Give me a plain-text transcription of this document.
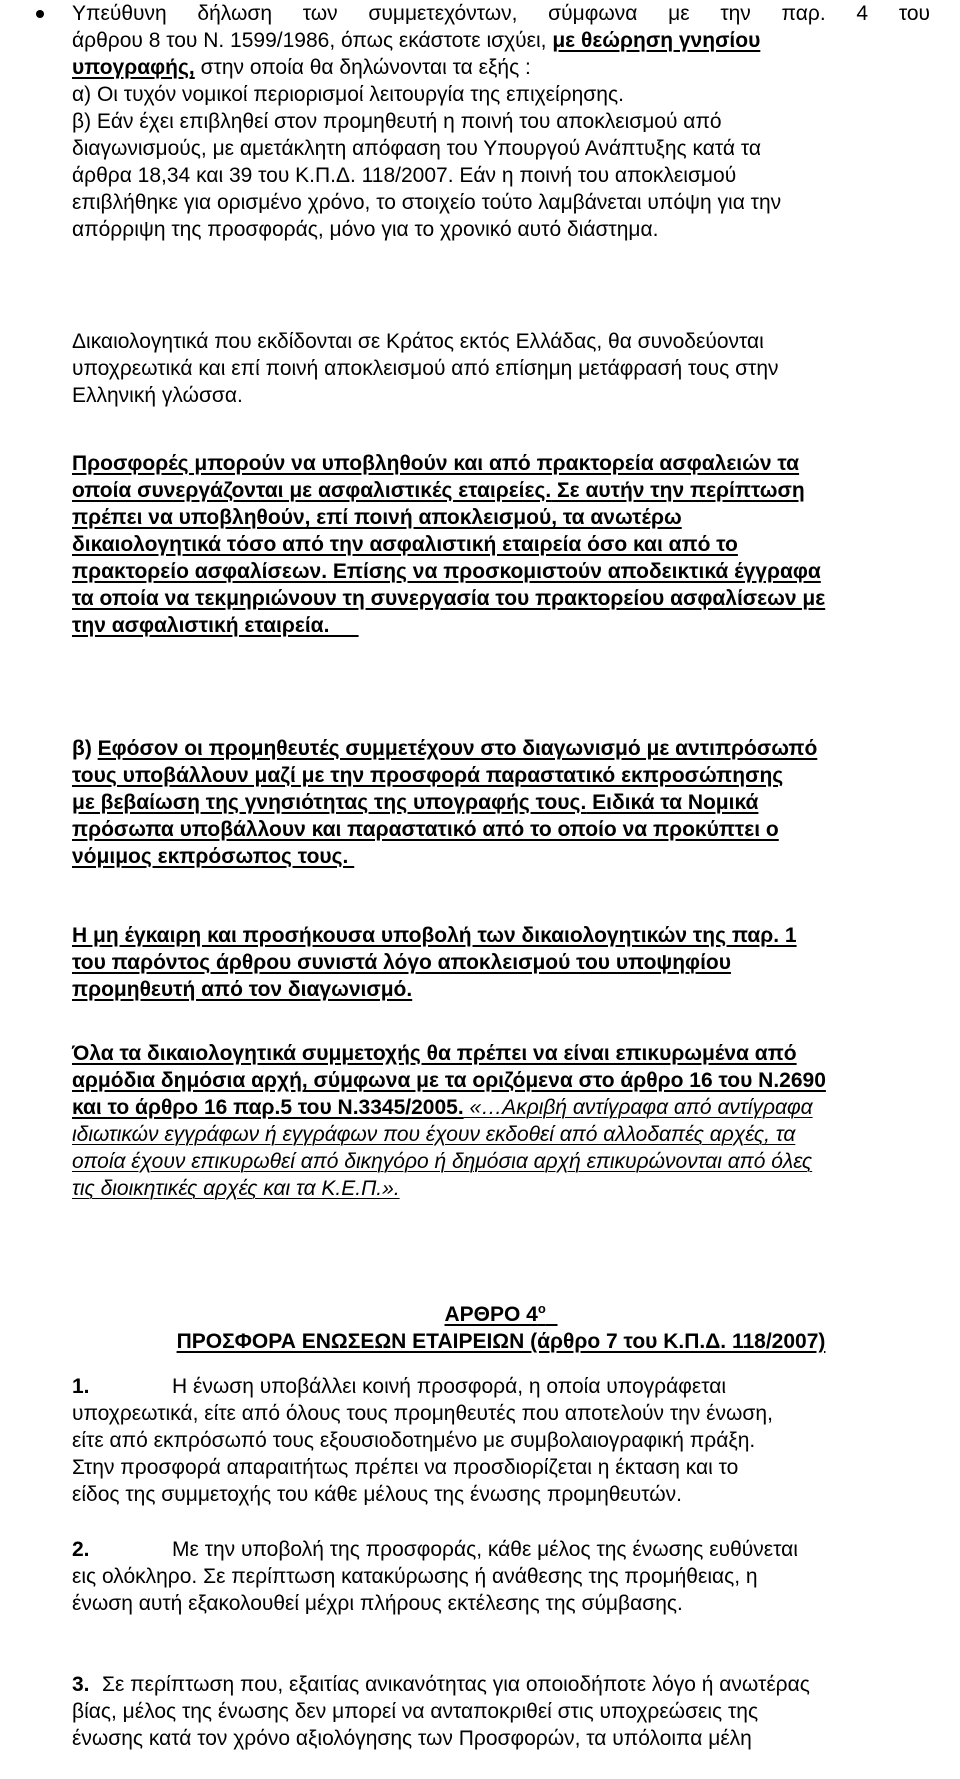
Υπεύθυνη δήλωση των συμμετεχόντων, σύμφωνα με την παρ. 4 του
άρθρου 8 του Ν. 1599/1986, όπως εκάστοτε ισχύει, με θεώρηση γνησίου
υπογραφής, στην οποία θα δηλώνονται τα εξής :
α) Οι τυχόν νομικοί περιορισμοί λειτουργία της επιχείρησης.
β) Εάν έχει επιβληθεί στον προμηθευτή η ποινή του αποκλεισμού από
διαγωνισμούς, με αμετάκλητη απόφαση του Υπουργού Ανάπτυξης κατά τα
άρθρα 18,34 και 39 του Κ.Π.Δ. 118/2007. Εάν η ποινή του αποκλεισμού
επιβλήθηκε για ορισμένο χρόνο, το στοιχείο τούτο λαμβάνεται υπόψη για την
απόρριψη της προσφοράς, μόνο για το χρονικό αυτό διάστημα.
Δικαιολογητικά που εκδίδονται σε Κράτος εκτός Ελλάδας, θα συνοδεύονται
υποχρεωτικά και επί ποινή αποκλεισμού από επίσημη μετάφρασή τους στην
Ελληνική γλώσσα.
Προσφορές μπορούν να υποβληθούν και από πρακτορεία ασφαλειών τα
οποία συνεργάζονται με ασφαλιστικές εταιρείες. Σε αυτήν την περίπτωση
πρέπει να υποβληθούν, επί ποινή αποκλεισμού, τα ανωτέρω
δικαιολογητικά τόσο από την ασφαλιστική εταιρεία όσο και από το
πρακτορείο ασφαλίσεων. Επίσης να προσκομιστούν αποδεικτικά έγγραφα
τα οποία να τεκμηριώνουν τη συνεργασία του πρακτορείου ασφαλίσεων με
την ασφαλιστική εταιρεία.
β) Εφόσον οι προμηθευτές συμμετέχουν στο διαγωνισμό με αντιπρόσωπό
τους υποβάλλουν μαζί με την προσφορά παραστατικό εκπροσώπησης
με βεβαίωση της γνησιότητας της υπογραφής τους. Ειδικά τα Νομικά
πρόσωπα υποβάλλουν και παραστατικό από το οποίο να προκύπτει ο
νόμιμος εκπρόσωπος τους.
Η μη έγκαιρη και προσήκουσα υποβολή των δικαιολογητικών της παρ. 1
του παρόντος άρθρου συνιστά λόγο αποκλεισμού του υποψηφίου
προμηθευτή από τον διαγωνισμό.
Όλα τα δικαιολογητικά συμμετοχής θα πρέπει να είναι επικυρωμένα από
αρμόδια δημόσια αρχή, σύμφωνα με τα οριζόμενα στο άρθρο 16 του Ν.2690
και το άρθρο 16 παρ.5 του Ν.3345/2005. «…Ακριβή αντίγραφα από αντίγραφα
ιδιωτικών εγγράφων ή εγγράφων που έχουν εκδοθεί από αλλοδαπές αρχές, τα
οποία έχουν επικυρωθεί από δικηγόρο ή δημόσια αρχή επικυρώνονται από όλες
τις διοικητικές αρχές και τα Κ.Ε.Π.».
ΑΡΘΡΟ $4^o$
ΠΡΟΣΦΟΡΑ ΕΝΩΣΕΩΝ ΕΤΑΙΡΕΙΩΝ (άρθρο 7 του Κ.Π.Δ. 118/2007)
1.	Η ένωση υποβάλλει κοινή προσφορά, η οποία υπογράφεται
υποχρεωτικά, είτε από όλους τους προμηθευτές που αποτελούν την ένωση,
είτε από εκπρόσωπό τους εξουσιοδοτημένο με συμβολαιογραφική πράξη.
Στην προσφορά απαραιτήτως πρέπει να προσδιορίζεται η έκταση και το
είδος της συμμετοχής του κάθε μέλους της ένωσης προμηθευτών.
2.	Με την υποβολή της προσφοράς, κάθε μέλος της ένωσης ευθύνεται
εις ολόκληρο. Σε περίπτωση κατακύρωσης ή ανάθεσης της προμήθειας, η
ένωση αυτή εξακολουθεί μέχρι πλήρους εκτέλεσης της σύμβασης.
3. Σε περίπτωση που, εξαιτίας ανικανότητας για οποιοδήποτε λόγο ή ανωτέρας
βίας, μέλος της ένωσης δεν μπορεί να ανταποκριθεί στις υποχρεώσεις της
ένωσης κατά τον χρόνο αξιολόγησης των Προσφορών, τα υπόλοιπα μέλη
